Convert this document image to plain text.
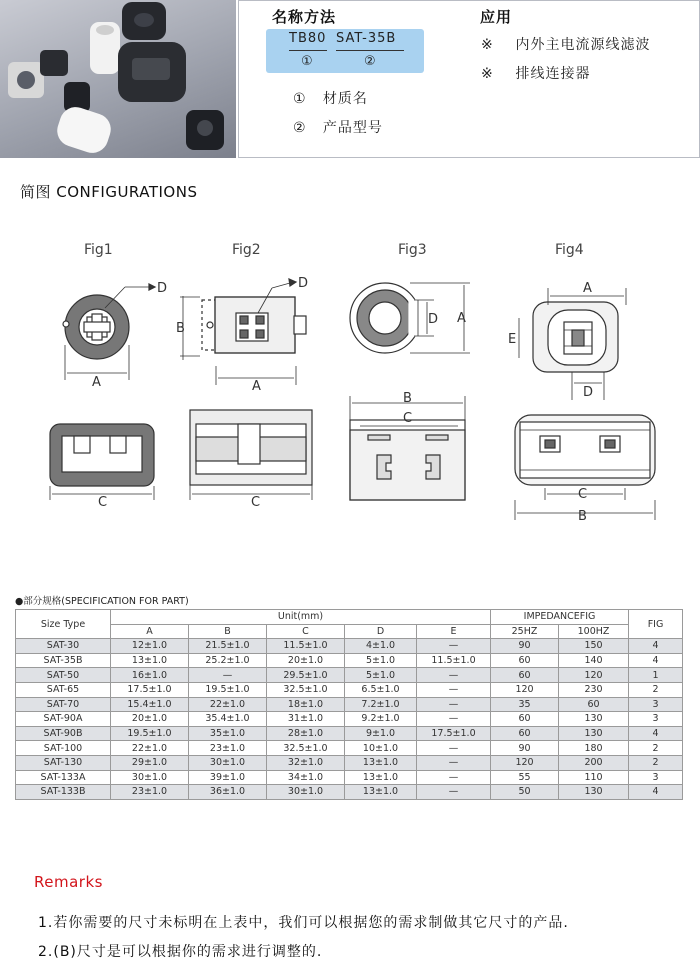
名称方法	应用
TB80 SAT-35B
①	②
① 材质名
② 产品型号
※ 内外主电流源线滤波
※ 排线连接器
简图 CONFIGURATIONS
Fig1	Fig2	Fig3	Fig4
D
A
C
D
B
A
C
D A
B
C
A
E
D
C
B
●部分规格(SPECIFICATION FOR PART)
Size Type	Unit(mm)					IMPEDANCEFIG		FIG
	A	B	C	D	E	25HZ	100HZ	
SAT-30	12±1.0	21.5±1.0	11.5±1.0	4±1.0	—	90	150	4
SAT-35B	13±1.0	25.2±1.0	20±1.0	5±1.0	11.5±1.0	60	140	4
SAT-50	16±1.0	—	29.5±1.0	5±1.0	—	60	120	1
SAT-65	17.5±1.0	19.5±1.0	32.5±1.0	6.5±1.0	—	120	230	2
SAT-70	15.4±1.0	22±1.0	18±1.0	7.2±1.0	—	35	60	3
SAT-90A	20±1.0	35.4±1.0	31±1.0	9.2±1.0	—	60	130	3
SAT-90B	19.5±1.0	35±1.0	28±1.0	9±1.0	17.5±1.0	60	130	4
SAT-100	22±1.0	23±1.0	32.5±1.0	10±1.0	—	90	180	2
SAT-130	29±1.0	30±1.0	32±1.0	13±1.0	—	120	200	2
SAT-133A	30±1.0	39±1.0	34±1.0	13±1.0	—	55	110	3
SAT-133B	23±1.0	36±1.0	30±1.0	13±1.0	—	50	130	4
Remarks
1.若你需要的尺寸未标明在上表中，我们可以根据您的需求制做其它尺寸的产品.
2.(B)尺寸是可以根据你的需求进行调整的.
